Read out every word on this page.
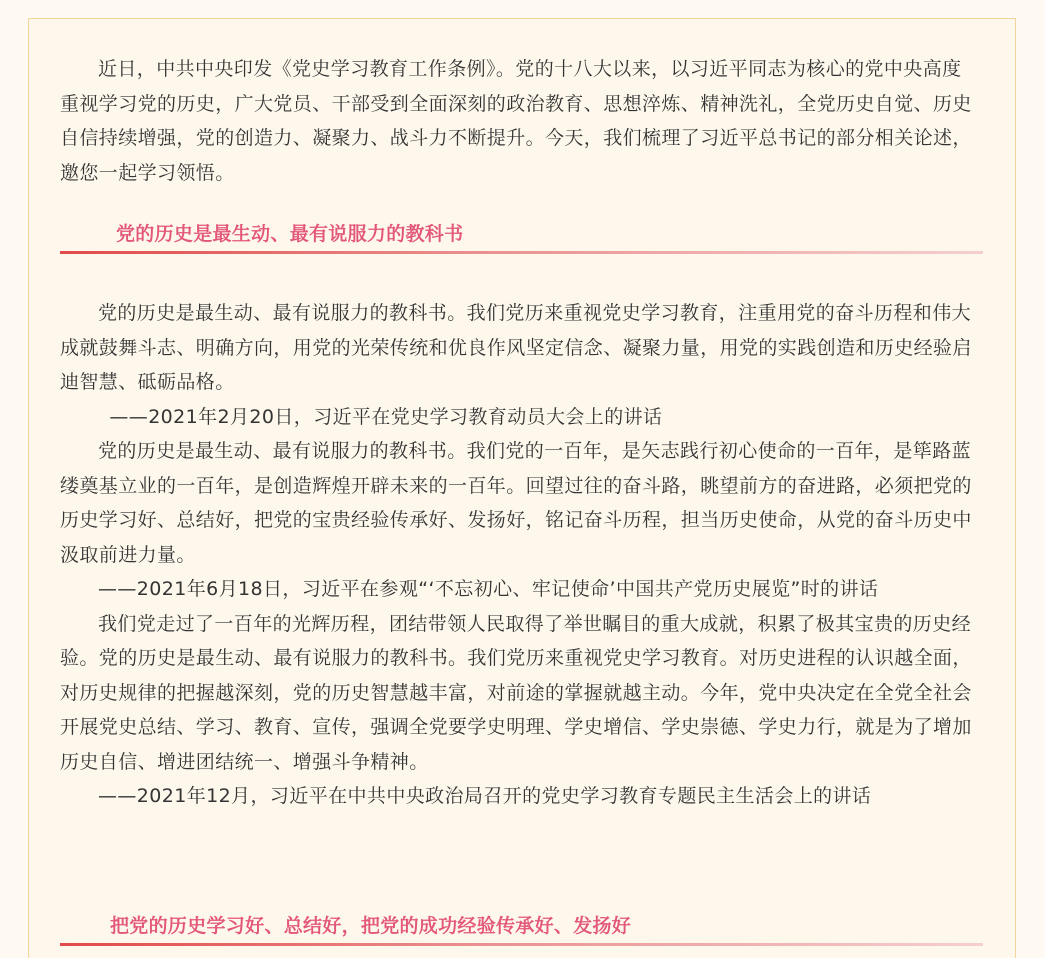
近日，中共中央印发《党史学习教育工作条例》。党的十八大以来，以习近平同志为核心的党中央高度重视学习党的历史，广大党员、干部受到全面深刻的政治教育、思想淬炼、精神洗礼，全党历史自觉、历史自信持续增强，党的创造力、凝聚力、战斗力不断提升。今天，我们梳理了习近平总书记的部分相关论述，邀您一起学习领悟。

党的历史是最生动、最有说服力的教科书

党的历史是最生动、最有说服力的教科书。我们党历来重视党史学习教育，注重用党的奋斗历程和伟大成就鼓舞斗志、明确方向，用党的光荣传统和优良作风坚定信念、凝聚力量，用党的实践创造和历史经验启迪智慧、砥砺品格。

——2021年2月20日，习近平在党史学习教育动员大会上的讲话

党的历史是最生动、最有说服力的教科书。我们党的一百年，是矢志践行初心使命的一百年，是筚路蓝缕奠基立业的一百年，是创造辉煌开辟未来的一百年。回望过往的奋斗路，眺望前方的奋进路，必须把党的历史学习好、总结好，把党的宝贵经验传承好、发扬好，铭记奋斗历程，担当历史使命，从党的奋斗历史中汲取前进力量。

——2021年6月18日，习近平在参观“‘不忘初心、牢记使命’中国共产党历史展览”时的讲话

我们党走过了一百年的光辉历程，团结带领人民取得了举世瞩目的重大成就，积累了极其宝贵的历史经验。党的历史是最生动、最有说服力的教科书。我们党历来重视党史学习教育。对历史进程的认识越全面，对历史规律的把握越深刻，党的历史智慧越丰富，对前途的掌握就越主动。今年，党中央决定在全党全社会开展党史总结、学习、教育、宣传，强调全党要学史明理、学史增信、学史崇德、学史力行，就是为了增加历史自信、增进团结统一、增强斗争精神。

——2021年12月，习近平在中共中央政治局召开的党史学习教育专题民主生活会上的讲话

把党的历史学习好、总结好，把党的成功经验传承好、发扬好
